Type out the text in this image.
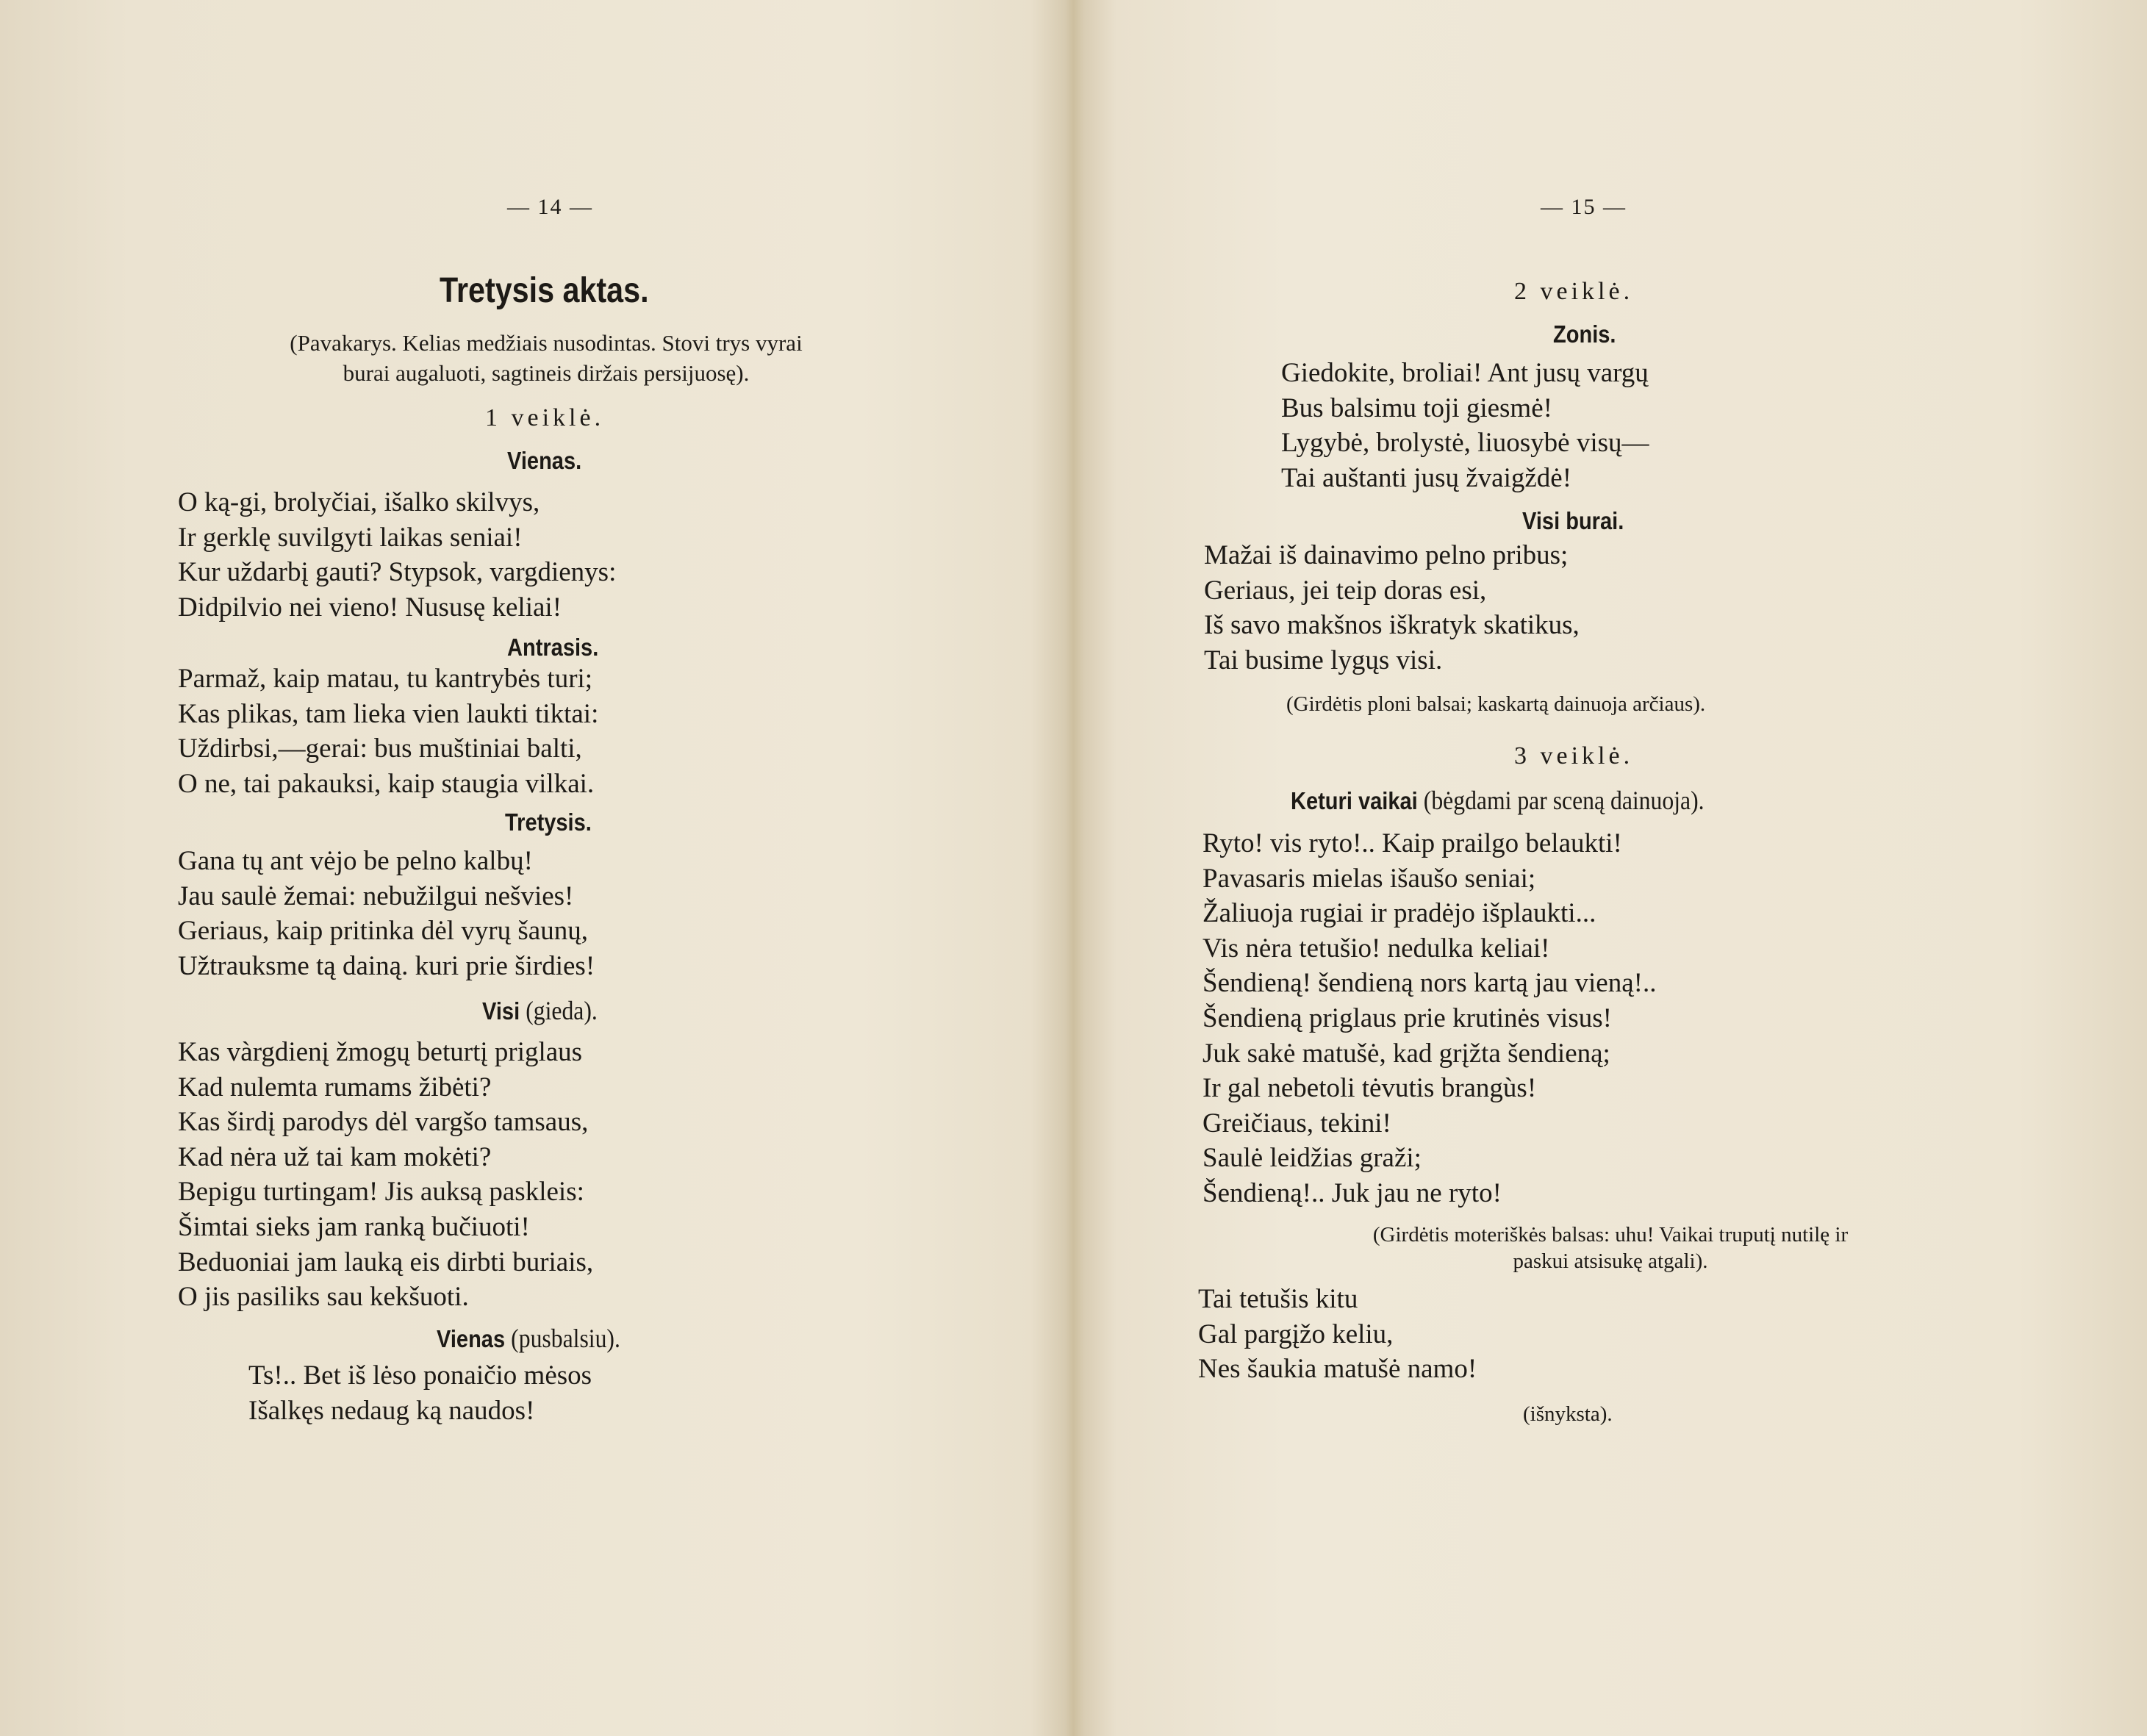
— 14 —
Tretysis aktas.
(Pavakarys. Kelias medžiais nusodintas. Stovi trys vyrai
burai augaluoti, sagtineis diržais persijuosę).
1 veiklė.
Vienas.
O ką-gi, brolyčiai, išalko skilvys,
Ir gerklę suvilgyti laikas seniai!
Kur uždarbį gauti? Stypsok, vargdienys:
Didpilvio nei vieno! Nususę keliai!
Antrasis.
Parmaž, kaip matau, tu kantrybės turi;
Kas plikas, tam lieka vien laukti tiktai:
Uždirbsi,—gerai: bus muštiniai balti,
O ne, tai pakauksi, kaip staugia vilkai.
Tretysis.
Gana tų ant vėjo be pelno kalbų!
Jau saulė žemai: nebužilgui nešvies!
Geriaus, kaip pritinka dėl vyrų šaunų,
Užtrauksme tą dainą. kuri prie širdies!
Visi (gieda).
Kas vàrgdienį žmogų beturtį priglaus
Kad nulemta rumams žibėti?
Kas širdį parodys dėl vargšo tamsaus,
Kad nėra už tai kam mokėti?
Bepigu turtingam! Jis auksą paskleis:
Šimtai sieks jam ranką bučiuoti!
Beduoniai jam lauką eis dirbti buriais,
O jis pasiliks sau kekšuoti.
Vienas (pusbalsiu).
Ts!.. Bet iš lėso ponaičio mėsos
Išalkęs nedaug ką naudos!
— 15 —
2 veiklė.
Zonis.
Giedokite, broliai! Ant jusų vargų
Bus balsimu toji giesmė!
Lygybė, brolystė, liuosybė visų—
Tai auštanti jusų žvaigždė!
Visi burai.
Mažai iš dainavimo pelno pribus;
Geriaus, jei teip doras esi,
Iš savo makšnos iškratyk skatikus,
Tai busime lygųs visi.
(Girdėtis ploni balsai; kaskartą dainuoja arčiaus).
3 veiklė.
Keturi vaikai (bėgdami par sceną dainuoja).
Ryto! vis ryto!.. Kaip prailgo belaukti!
Pavasaris mielas išaušo seniai;
Žaliuoja rugiai ir pradėjo išplaukti...
Vis nėra tetušio! nedulka keliai!
Šendieną! šendieną nors kartą jau vieną!..
Šendieną priglaus prie krutinės visus!
Juk sakė matušė, kad grįžta šendieną;
Ir gal nebetoli tėvutis brangùs!
Greičiaus, tekini!
Saulė leidžias graži;
Šendieną!.. Juk jau ne ryto!
(Girdėtis moteriškės balsas: uhu! Vaikai truputį nutilę ir
paskui atsisukę atgali).
Tai tetušis kitu
Gal pargįžo keliu,
Nes šaukia matušė namo!
(išnyksta).
